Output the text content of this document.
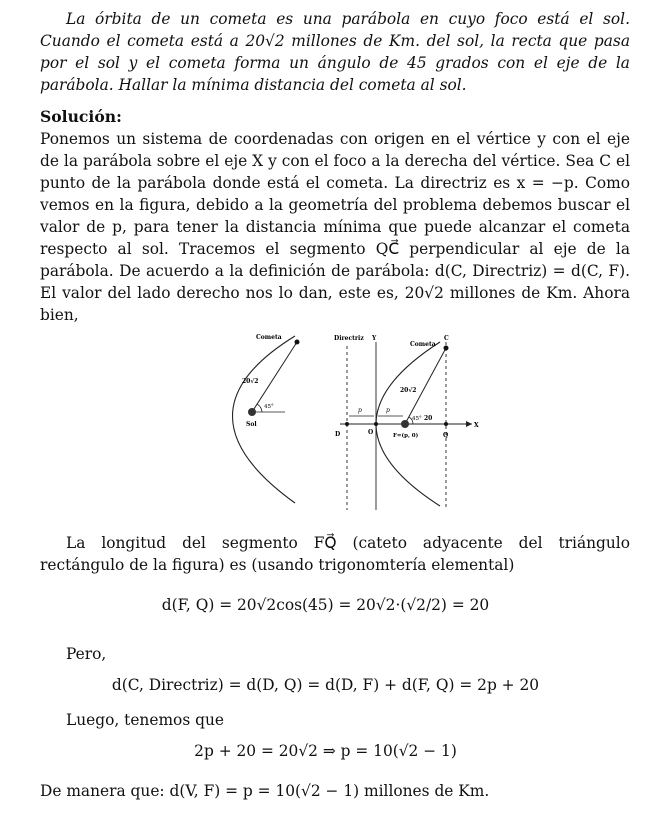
La órbita de un cometa es una parábola en cuyo foco está el sol. Cuando el cometa está a 20√2 millones de Km. del sol, la recta que pasa por el sol y el cometa forma un ángulo de 45 grados con el eje de la parábola. Hallar la mínima distancia del cometa al sol.

Solución:

Ponemos un sistema de coordenadas con origen en el vértice y con el eje de la parábola sobre el eje X y con el foco a la derecha del vértice. Sea C el punto de la parábola donde está el cometa. La directriz es x = −p. Como vemos en la figura, debido a la geometría del problema debemos buscar el valor de p, para tener la distancia mínima que puede alcanzar el cometa respecto al sol. Tracemos el segmento QC⃗ perpendicular al eje de la parábola. De acuerdo a la definición de parábola: d(C, Directriz) = d(C, F). El valor del lado derecho nos lo dan, este es, 20√2 millones de Km. Ahora bien,

Cometa
20√2
45°
Sol
Directriz Y
X
C
Cometa
20√2
p	p
45° 20
D	O	F=(p, 0)	Q

La longitud del segmento FQ⃗ (cateto adyacente del triángulo rectángulo de la figura) es (usando trigonomtería elemental)

d(F, Q) = 20√2cos(45) = 20√2·(√2/2) = 20
Pero,
d(C, Directriz) = d(D, Q) = d(D, F) + d(F, Q) = 2p + 20
Luego, tenemos que
2p + 20 = 20√2 ⇒ p = 10(√2 − 1)
De manera que: d(V, F) = p = 10(√2 − 1) millones de Km.
